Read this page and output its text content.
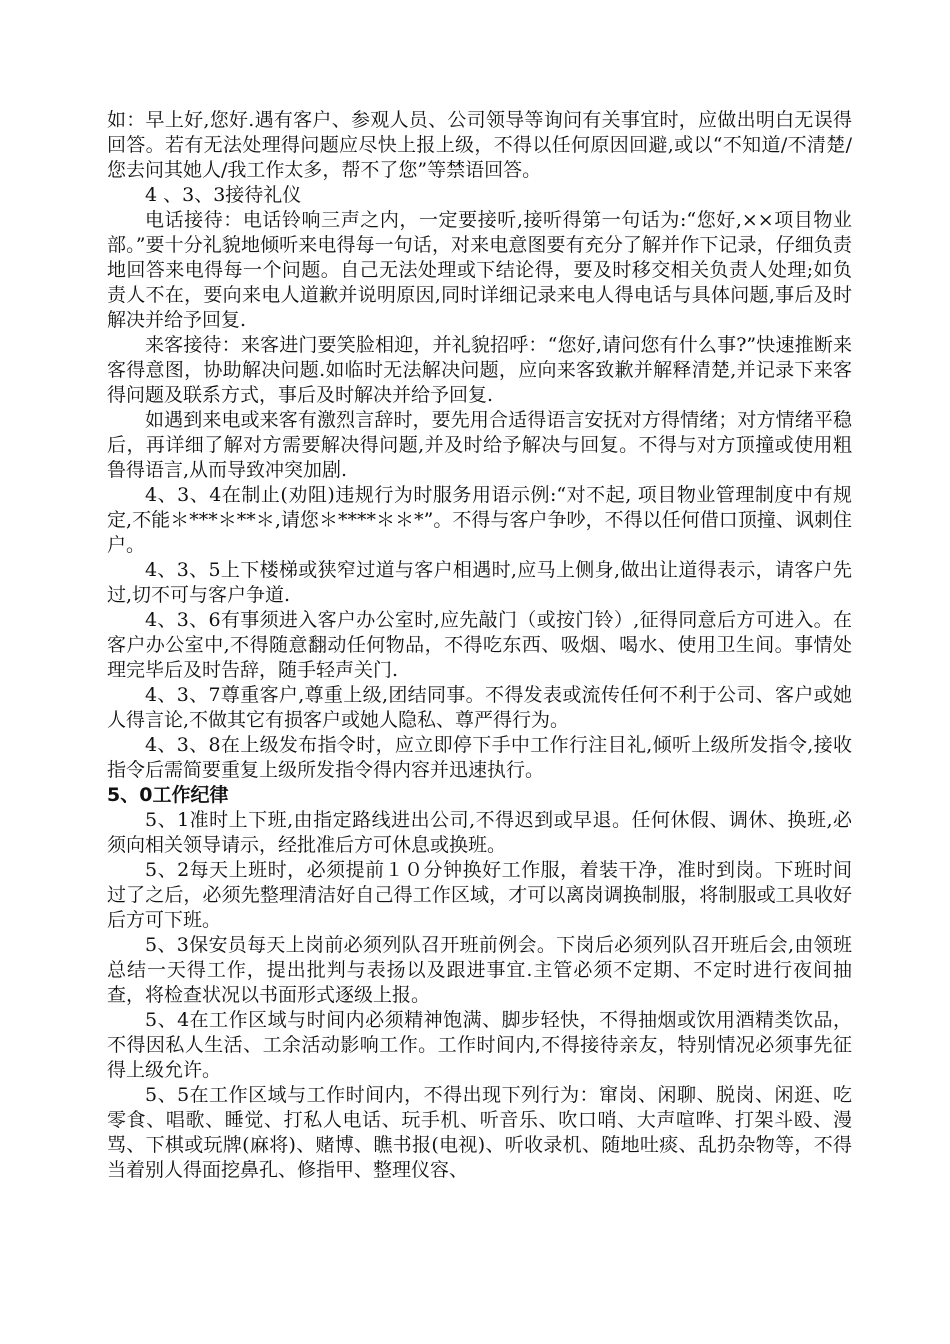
如：早上好,您好.遇有客户、参观人员、公司领导等询问有关事宜时，应做出明白无误得回答。若有无法处理得问题应尽快上报上级，不得以任何原因回避,或以“不知道/不清楚/您去问其她人/我工作太多，帮不了您”等禁语回答。

4 、3、3接待礼仪

电话接待：电话铃响三声之内，一定要接听,接听得第一句话为:“您好,××项目物业部。”要十分礼貌地倾听来电得每一句话，对来电意图要有充分了解并作下记录，仔细负责地回答来电得每一个问题。自己无法处理或下结论得，要及时移交相关负责人处理;如负责人不在，要向来电人道歉并说明原因,同时详细记录来电人得电话与具体问题,事后及时解决并给予回复.

来客接待：来客进门要笑脸相迎，并礼貌招呼：“您好,请问您有什么事?”快速推断来客得意图，协助解决问题.如临时无法解决问题，应向来客致歉并解释清楚,并记录下来客得问题及联系方式，事后及时解决并给予回复.

如遇到来电或来客有激烈言辞时，要先用合适得语言安抚对方得情绪；对方情绪平稳后，再详细了解对方需要解决得问题,并及时给予解决与回复。不得与对方顶撞或使用粗鲁得语言,从而导致冲突加剧.

4、3、4在制止(劝阻)违规行为时服务用语示例:“对不起, 项目物业管理制度中有规定,不能＊***＊**＊,请您＊****＊＊*”。不得与客户争吵，不得以任何借口顶撞、讽刺住户。

4、3、5上下楼梯或狭窄过道与客户相遇时,应马上侧身,做出让道得表示，请客户先过,切不可与客户争道.

4、3、6有事须进入客户办公室时,应先敲门（或按门铃）,征得同意后方可进入。在客户办公室中,不得随意翻动任何物品，不得吃东西、吸烟、喝水、使用卫生间。事情处理完毕后及时告辞，随手轻声关门.

4、3、7尊重客户,尊重上级,团结同事。不得发表或流传任何不利于公司、客户或她人得言论,不做其它有损客户或她人隐私、尊严得行为。

4、3、8在上级发布指令时，应立即停下手中工作行注目礼,倾听上级所发指令,接收指令后需简要重复上级所发指令得内容并迅速执行。

5、0工作纪律

5、1准时上下班,由指定路线进出公司,不得迟到或早退。任何休假、调休、换班,必须向相关领导请示，经批准后方可休息或换班。

5、2每天上班时，必须提前１０分钟换好工作服，着装干净，准时到岗。下班时间过了之后，必须先整理清洁好自己得工作区域，才可以离岗调换制服，将制服或工具收好后方可下班。

5、3保安员每天上岗前必须列队召开班前例会。下岗后必须列队召开班后会,由领班总结一天得工作，提出批判与表扬以及跟进事宜.主管必须不定期、不定时进行夜间抽查，将检查状况以书面形式逐级上报。

5、4在工作区域与时间内必须精神饱满、脚步轻快，不得抽烟或饮用酒精类饮品，不得因私人生活、工余活动影响工作。工作时间内,不得接待亲友，特别情况必须事先征得上级允许。

5、5在工作区域与工作时间内，不得出现下列行为：窜岗、闲聊、脱岗、闲逛、吃零食、唱歌、睡觉、打私人电话、玩手机、听音乐、吹口哨、大声喧哗、打架斗殴、漫骂、下棋或玩牌(麻将)、赌博、瞧书报(电视)、听收录机、随地吐痰、乱扔杂物等，不得当着别人得面挖鼻孔、修指甲、整理仪容、
